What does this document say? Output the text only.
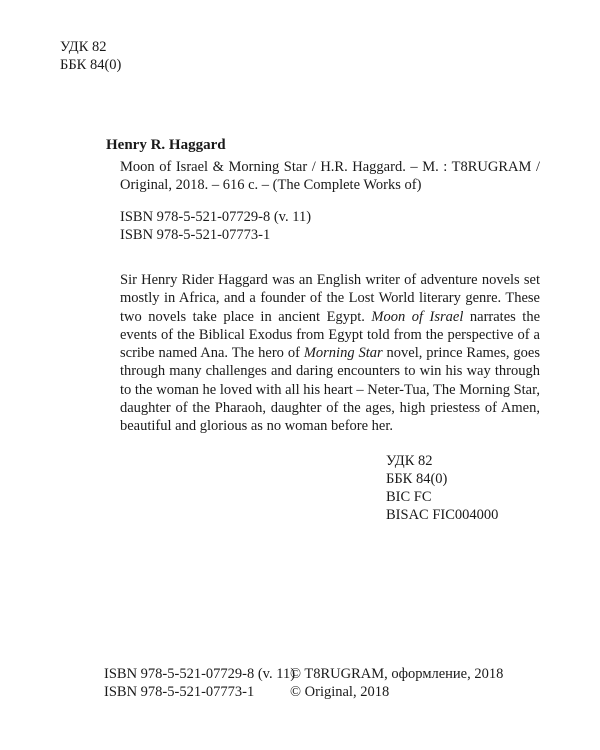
УДК 82
ББК 84(0)
Henry R. Haggard
Moon of Israel & Morning Star / H.R. Haggard. – M. : T8RUGRAM / Original, 2018. – 616 c. – (The Complete Works of)
ISBN 978-5-521-07729-8 (v. 11)
ISBN 978-5-521-07773-1

Sir Henry Rider Haggard was an English writer of adventure novels set mostly in Africa, and a founder of the Lost World literary genre. These two novels take place in ancient Egypt. Moon of Israel narrates the events of the Biblical Exodus from Egypt told from the perspective of a scribe named Ana. The hero of Morning Star novel, prince Rames, goes through many challenges and daring encounters to win his way through to the woman he loved with all his heart – Neter-Tua, The Morning Star, daughter of the Pharaoh, daughter of the ages, high priestess of Amen, beautiful and glorious as no woman before her.

УДК 82
ББК 84(0)
BIC FC
BISAC FIC004000
ISBN 978-5-521-07729-8 (v. 11)
ISBN 978-5-521-07773-1
© T8RUGRAM, оформление, 2018
© Original, 2018
